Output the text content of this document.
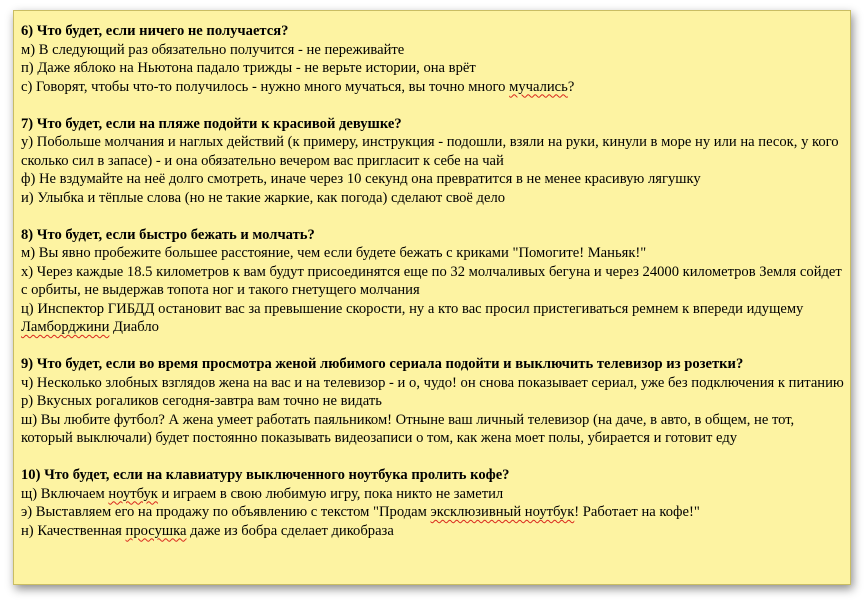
6) Что будет, если ничего не получается?
м) В следующий раз обязательно получится - не переживайте
п) Даже яблоко на Ньютона падало трижды - не верьте истории, она врёт
с) Говорят, чтобы что-то получилось - нужно много мучаться, вы точно много мучались?
7) Что будет, если на пляже подойти к красивой девушке?
у) Побольше молчания и наглых действий (к примеру, инструкция - подошли, взяли на руки, кинули в море ну или на песок, у кого сколько сил в запасе) - и она обязательно вечером вас пригласит к себе на чай
ф) Не вздумайте на неё долго смотреть, иначе через 10 секунд она превратится в не менее красивую лягушку
и) Улыбка и тёплые слова (но не такие жаркие, как погода) сделают своё дело
8) Что будет, если быстро бежать и молчать?
м) Вы явно пробежите большее расстояние, чем если будете бежать с криками "Помогите! Маньяк!"
х) Через каждые 18.5 километров к вам будут присоединятся еще по 32 молчаливых бегуна и через 24000 километров Земля сойдет с орбиты, не выдержав топота ног и такого гнетущего молчания
ц) Инспектор ГИБДД остановит вас за превышение скорости, ну а кто вас просил пристегиваться ремнем к впереди идущему Ламборджини Диабло
9) Что будет, если во время просмотра женой любимого сериала подойти и выключить телевизор из розетки?
ч) Несколько злобных взглядов жена на вас и на телевизор - и о, чудо! он снова показывает сериал, уже без подключения к питанию
р) Вкусных рогаликов сегодня-завтра вам точно не видать
ш) Вы любите футбол? А жена умеет работать паяльником! Отныне ваш личный телевизор (на даче, в авто, в общем, не тот, который выключали) будет постоянно показывать видеозаписи о том, как жена моет полы, убирается и готовит еду
10) Что будет, если на клавиатуру выключенного ноутбука пролить кофе?
щ) Включаем ноутбук и играем в свою любимую игру, пока никто не заметил
э) Выставляем его на продажу по объявлению с текстом "Продам эксклюзивный ноутбук! Работает на кофе!"
н) Качественная просушка даже из бобра сделает дикобраза
